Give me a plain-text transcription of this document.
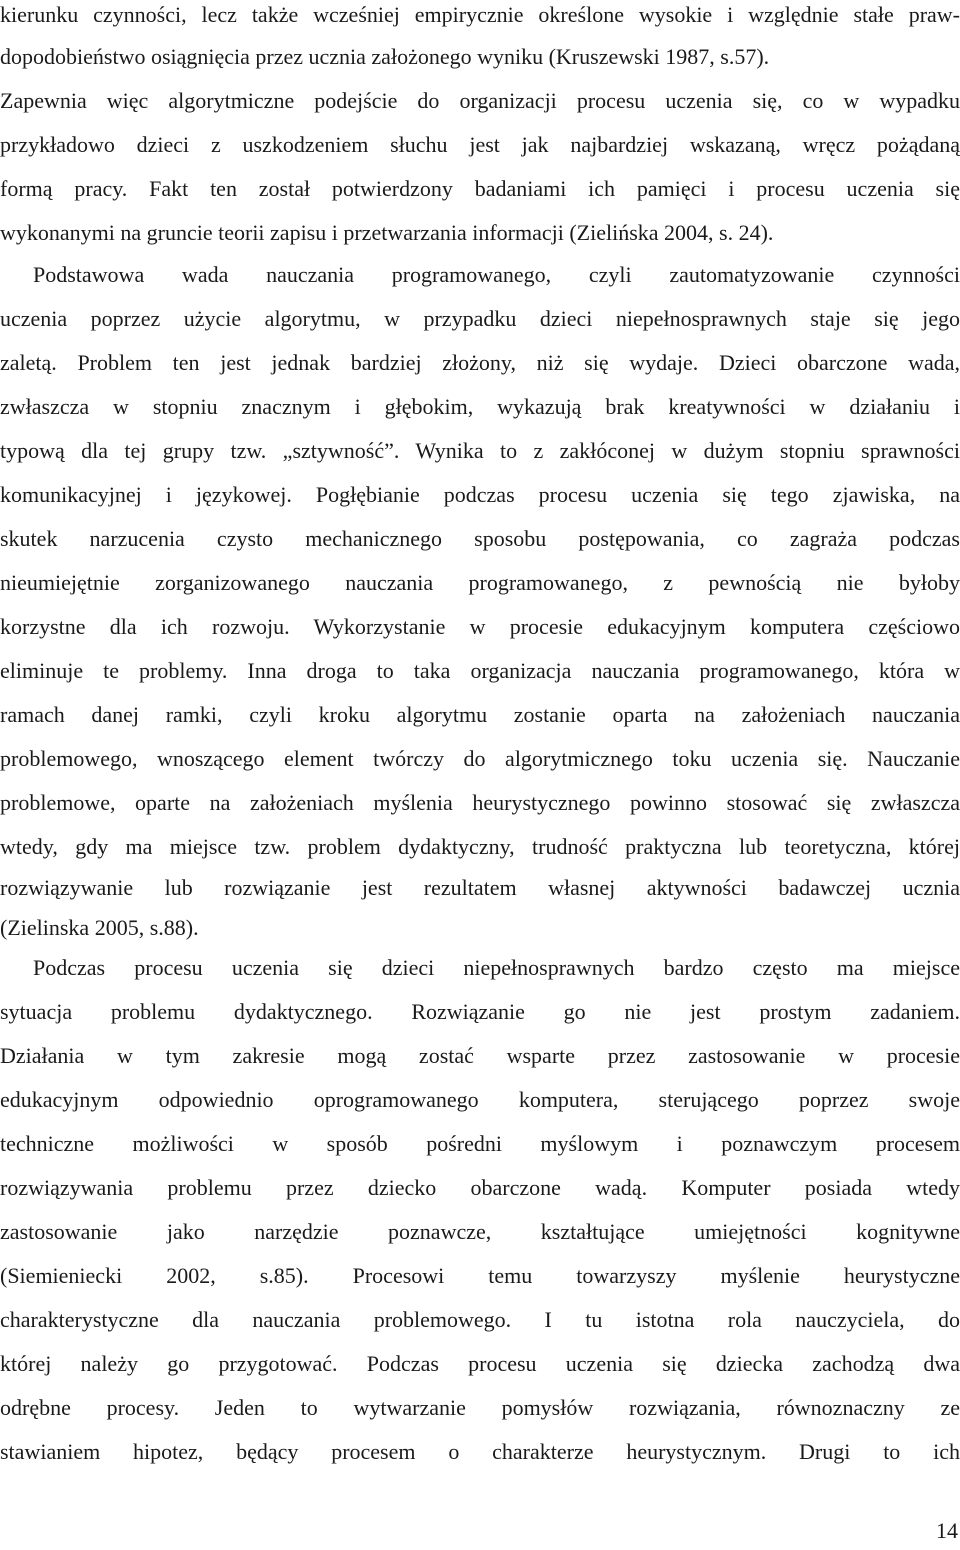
kierunku czynności, lecz także wcześniej empirycznie określone wysokie i względnie stałe praw-
dopodobieństwo osiągnięcia przez ucznia założonego wyniku (Kruszewski 1987, s.57).
Zapewnia więc algorytmiczne podejście do organizacji procesu uczenia się, co w wypadku
przykładowo dzieci z uszkodzeniem słuchu jest jak najbardziej wskazaną, wręcz pożądaną
formą pracy. Fakt ten został potwierdzony badaniami ich pamięci i procesu uczenia się
wykonanymi na gruncie teorii zapisu i przetwarzania informacji (Zielińska 2004, s. 24).
Podstawowa wada nauczania programowanego, czyli zautomatyzowanie czynności
uczenia poprzez użycie algorytmu, w przypadku dzieci niepełnosprawnych staje się jego
zaletą. Problem ten jest jednak bardziej złożony, niż się wydaje. Dzieci obarczone wada,
zwłaszcza w stopniu znacznym i głębokim, wykazują brak kreatywności w działaniu i
typową dla tej grupy tzw. „sztywność”. Wynika to z zakłóconej w dużym stopniu sprawności
komunikacyjnej i językowej. Pogłębianie podczas procesu uczenia się tego zjawiska, na
skutek narzucenia czysto mechanicznego sposobu postępowania, co zagraża podczas
nieumiejętnie zorganizowanego nauczania programowanego, z pewnością nie byłoby
korzystne dla ich rozwoju. Wykorzystanie w procesie edukacyjnym komputera częściowo
eliminuje te problemy. Inna droga to taka organizacja nauczania programowanego, która w
ramach danej ramki, czyli kroku algorytmu zostanie oparta na założeniach nauczania
problemowego, wnoszącego element twórczy do algorytmicznego toku uczenia się. Nauczanie
problemowe, oparte na założeniach myślenia heurystycznego powinno stosować się zwłaszcza
wtedy, gdy ma miejsce tzw. problem dydaktyczny, trudność praktyczna lub teoretyczna, której
rozwiązywanie lub rozwiązanie jest rezultatem własnej aktywności badawczej ucznia
(Zielinska 2005, s.88).
Podczas procesu uczenia się dzieci niepełnosprawnych bardzo często ma miejsce
sytuacja problemu dydaktycznego. Rozwiązanie go nie jest prostym zadaniem.
Działania w tym zakresie mogą zostać wsparte przez zastosowanie w procesie
edukacyjnym odpowiednio oprogramowanego komputera, sterującego poprzez swoje
techniczne możliwości w sposób pośredni myślowym i poznawczym procesem
rozwiązywania problemu przez dziecko obarczone wadą. Komputer posiada wtedy
zastosowanie jako narzędzie poznawcze, kształtujące umiejętności kognitywne
(Siemieniecki 2002, s.85). Procesowi temu towarzyszy myślenie heurystyczne
charakterystyczne dla nauczania problemowego. I tu istotna rola nauczyciela, do
której należy go przygotować. Podczas procesu uczenia się dziecka zachodzą dwa
odrębne procesy. Jeden to wytwarzanie pomysłów rozwiązania, równoznaczny ze
stawianiem hipotez, będący procesem o charakterze heurystycznym. Drugi to ich
14
